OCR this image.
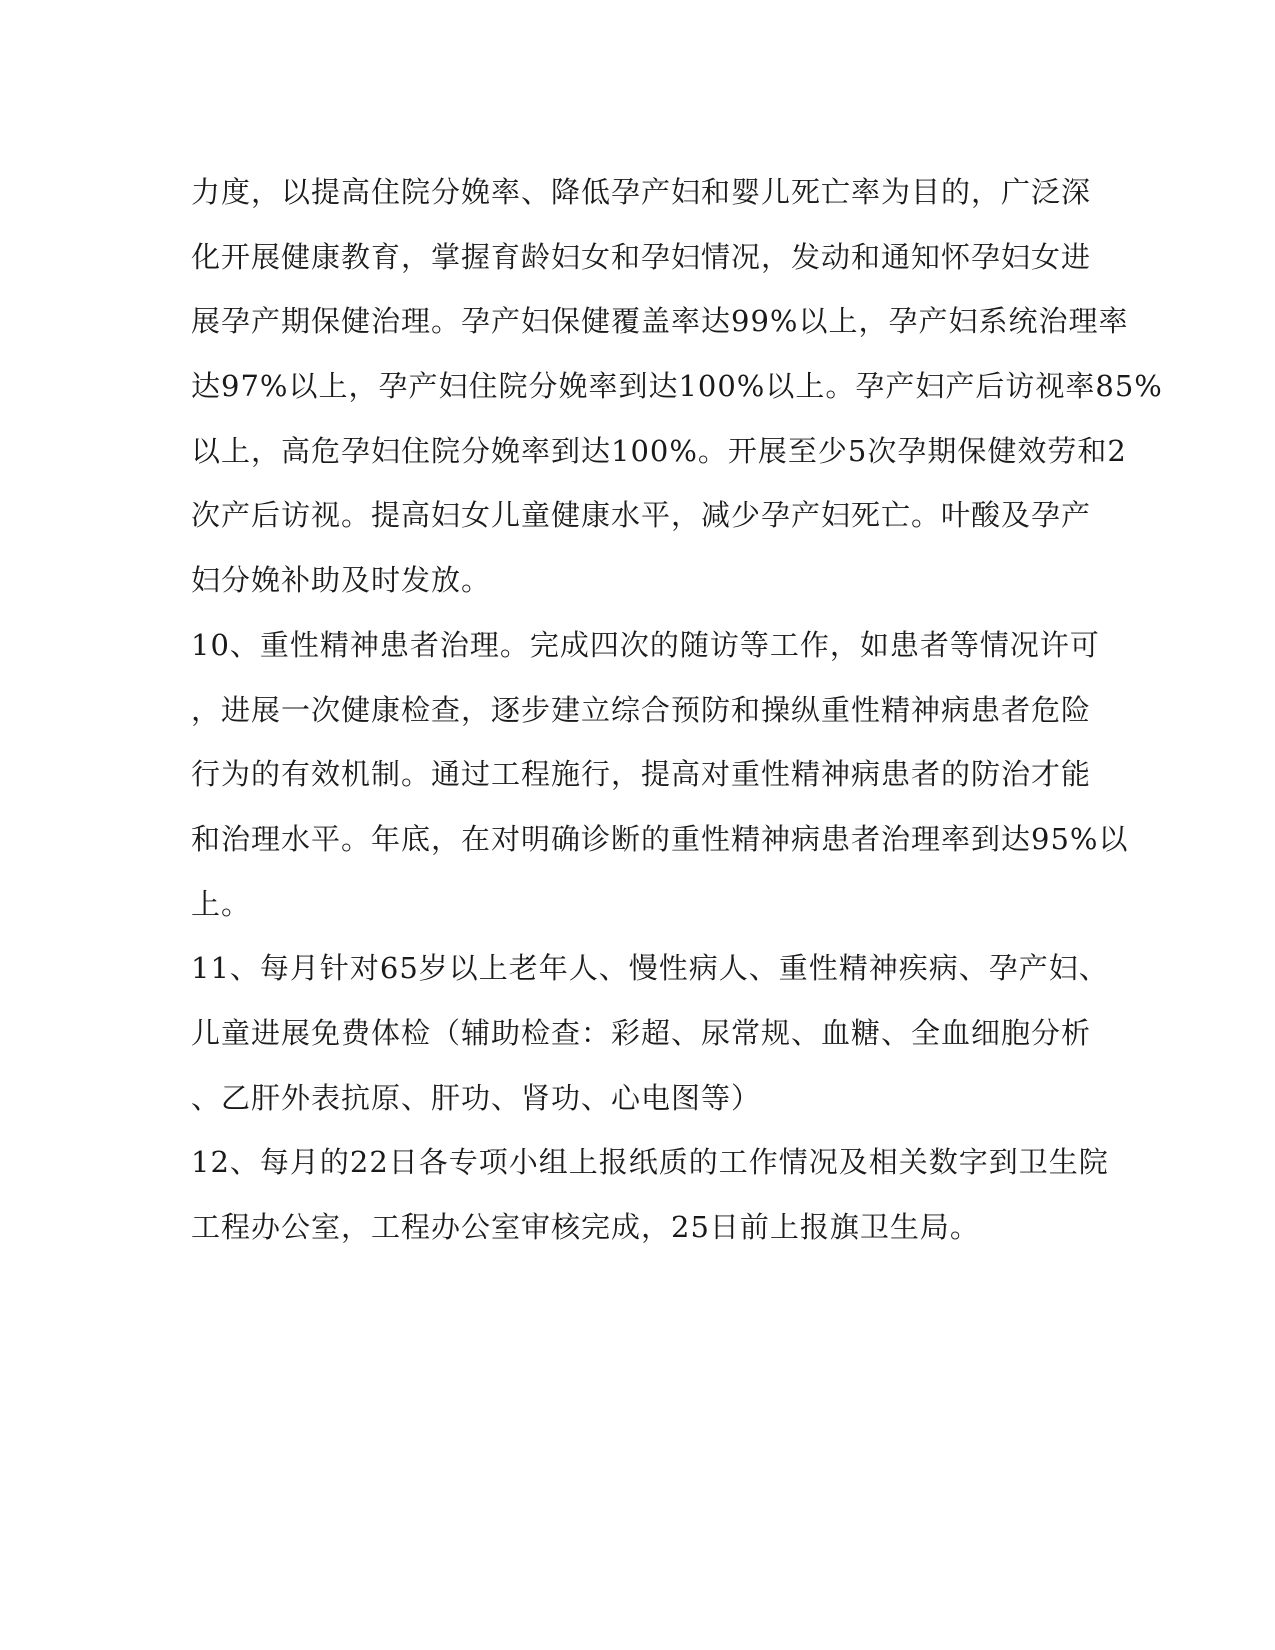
力度，以提高住院分娩率、降低孕产妇和婴儿死亡率为目的，广泛深
化开展健康教育，掌握育龄妇女和孕妇情况，发动和通知怀孕妇女进
展孕产期保健治理。孕产妇保健覆盖率达99%以上，孕产妇系统治理率
达97%以上，孕产妇住院分娩率到达100%以上。孕产妇产后访视率85%
以上，高危孕妇住院分娩率到达100%。开展至少5次孕期保健效劳和2
次产后访视。提高妇女儿童健康水平，减少孕产妇死亡。叶酸及孕产
妇分娩补助及时发放。
10、重性精神患者治理。完成四次的随访等工作，如患者等情况许可
，进展一次健康检查，逐步建立综合预防和操纵重性精神病患者危险
行为的有效机制。通过工程施行，提高对重性精神病患者的防治才能
和治理水平。年底，在对明确诊断的重性精神病患者治理率到达95%以
上。
11、每月针对65岁以上老年人、慢性病人、重性精神疾病、孕产妇、
儿童进展免费体检（辅助检查：彩超、尿常规、血糖、全血细胞分析
、乙肝外表抗原、肝功、肾功、心电图等）
12、每月的22日各专项小组上报纸质的工作情况及相关数字到卫生院
工程办公室，工程办公室审核完成，25日前上报旗卫生局。
